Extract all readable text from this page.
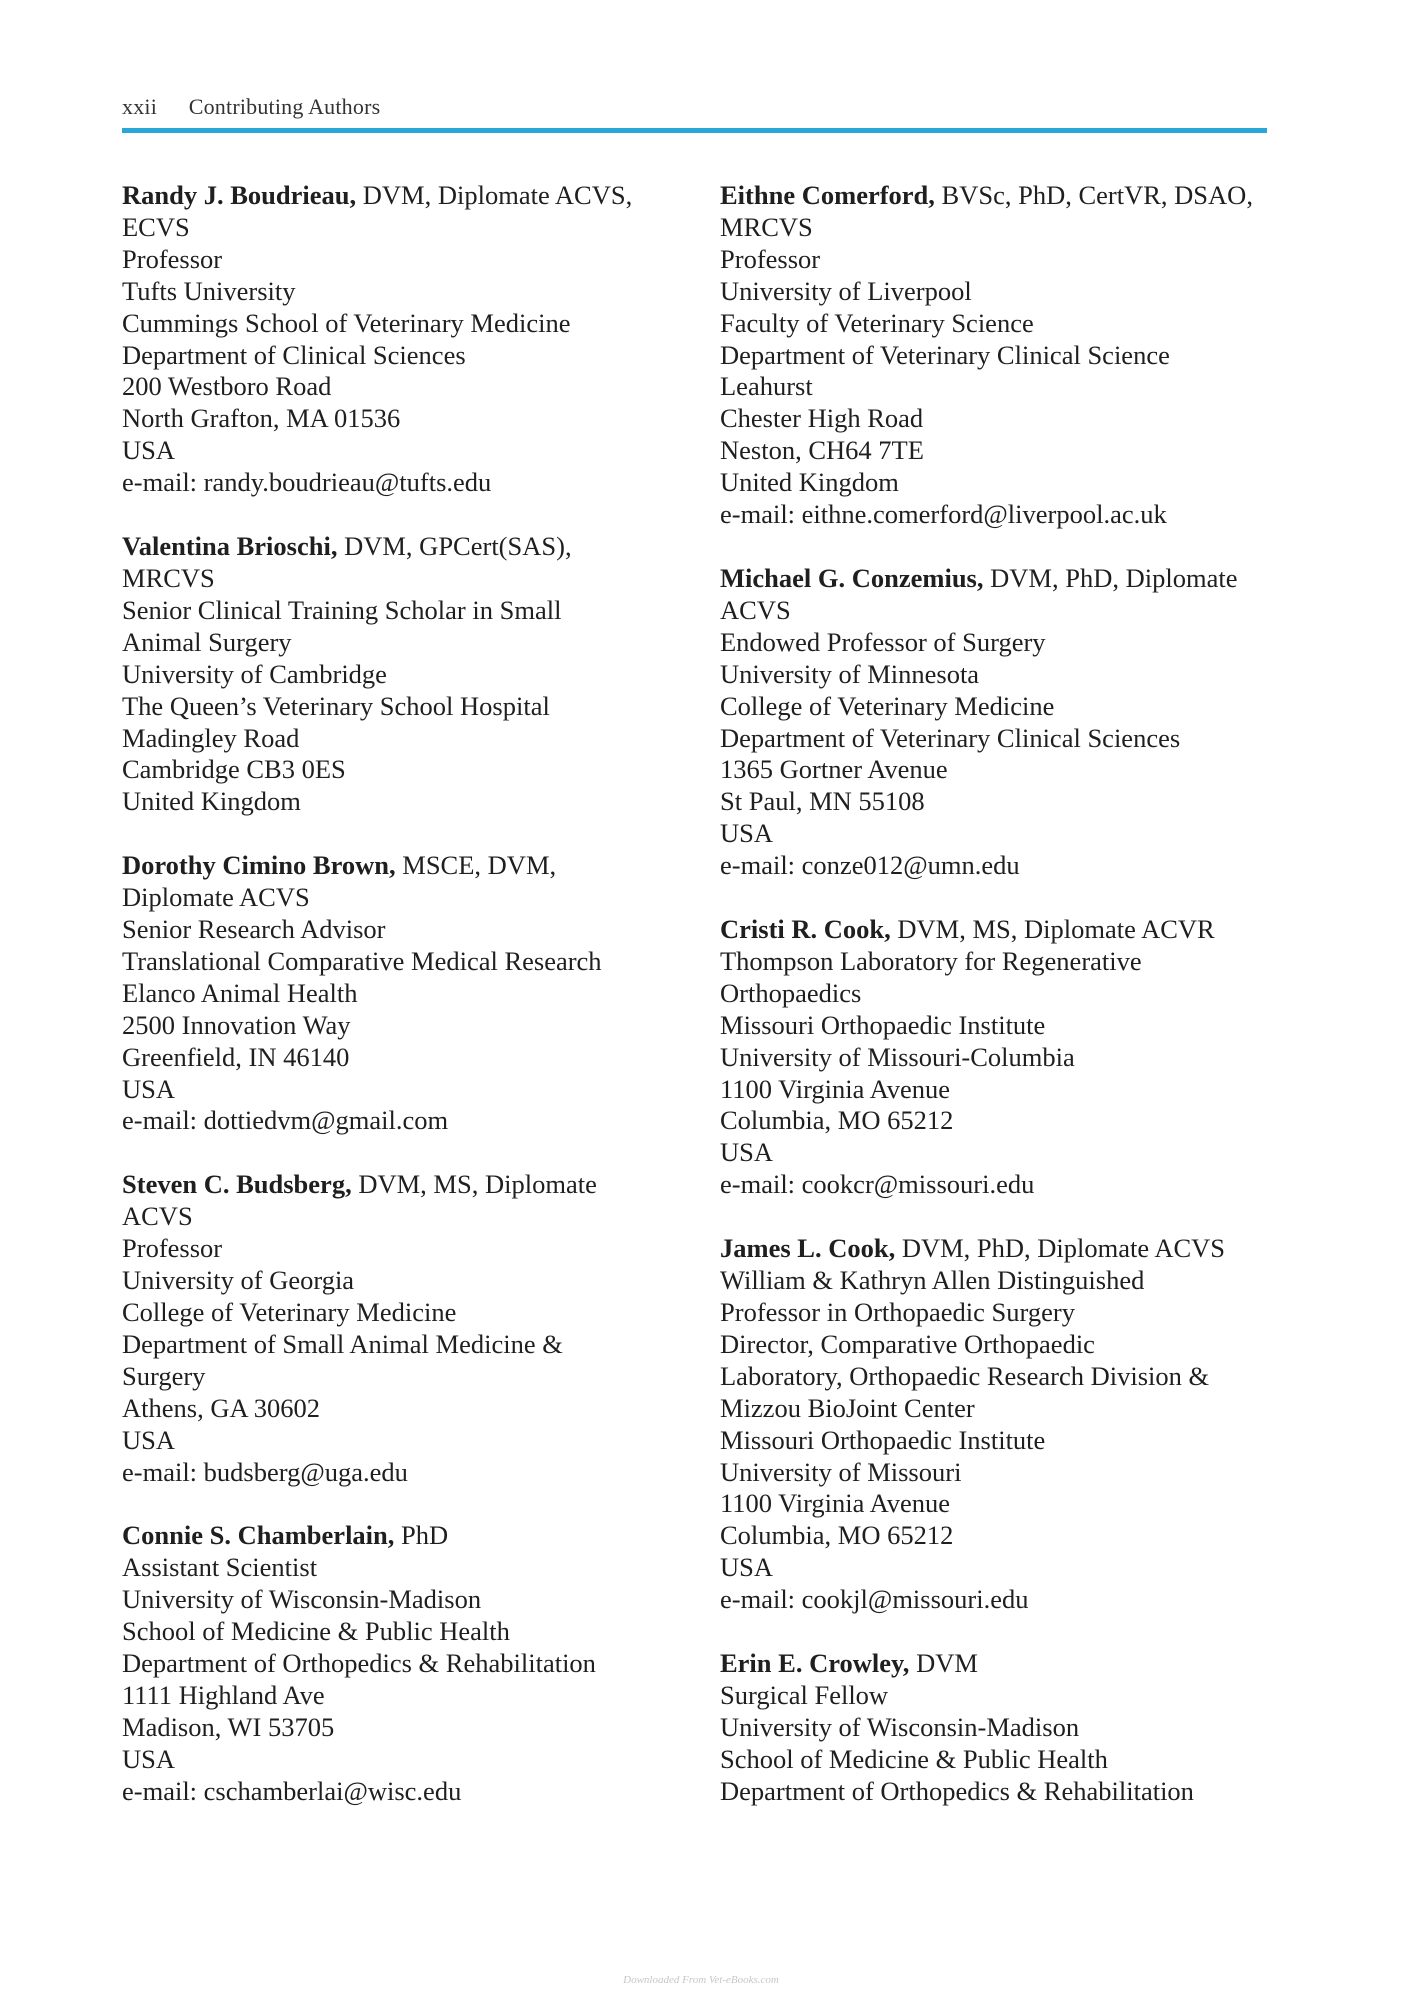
xxii Contributing Authors
Randy J. Boudrieau, DVM, Diplomate ACVS,
ECVS
Professor
Tufts University
Cummings School of Veterinary Medicine
Department of Clinical Sciences
200 Westboro Road
North Grafton, MA 01536
USA
e-mail: randy.boudrieau@tufts.edu
Valentina Brioschi, DVM, GPCert(SAS),
MRCVS
Senior Clinical Training Scholar in Small
Animal Surgery
University of Cambridge
The Queen’s Veterinary School Hospital
Madingley Road
Cambridge CB3 0ES
United Kingdom
Dorothy Cimino Brown, MSCE, DVM,
Diplomate ACVS
Senior Research Advisor
Translational Comparative Medical Research
Elanco Animal Health
2500 Innovation Way
Greenfield, IN 46140
USA
e-mail: dottiedvm@gmail.com
Steven C. Budsberg, DVM, MS, Diplomate
ACVS
Professor
University of Georgia
College of Veterinary Medicine
Department of Small Animal Medicine &
Surgery
Athens, GA 30602
USA
e-mail: budsberg@uga.edu
Connie S. Chamberlain, PhD
Assistant Scientist
University of Wisconsin-Madison
School of Medicine & Public Health
Department of Orthopedics & Rehabilitation
1111 Highland Ave
Madison, WI 53705
USA
e-mail: cschamberlai@wisc.edu
Eithne Comerford, BVSc, PhD, CertVR, DSAO,
MRCVS
Professor
University of Liverpool
Faculty of Veterinary Science
Department of Veterinary Clinical Science
Leahurst
Chester High Road
Neston, CH64 7TE
United Kingdom
e-mail: eithne.comerford@liverpool.ac.uk
Michael G. Conzemius, DVM, PhD, Diplomate
ACVS
Endowed Professor of Surgery
University of Minnesota
College of Veterinary Medicine
Department of Veterinary Clinical Sciences
1365 Gortner Avenue
St Paul, MN 55108
USA
e-mail: conze012@umn.edu
Cristi R. Cook, DVM, MS, Diplomate ACVR
Thompson Laboratory for Regenerative
Orthopaedics
Missouri Orthopaedic Institute
University of Missouri-Columbia
1100 Virginia Avenue
Columbia, MO 65212
USA
e-mail: cookcr@missouri.edu
James L. Cook, DVM, PhD, Diplomate ACVS
William & Kathryn Allen Distinguished
Professor in Orthopaedic Surgery
Director, Comparative Orthopaedic
Laboratory, Orthopaedic Research Division &
Mizzou BioJoint Center
Missouri Orthopaedic Institute
University of Missouri
1100 Virginia Avenue
Columbia, MO 65212
USA
e-mail: cookjl@missouri.edu
Erin E. Crowley, DVM
Surgical Fellow
University of Wisconsin-Madison
School of Medicine & Public Health
Department of Orthopedics & Rehabilitation
Downloaded From Vet-eBooks.com
